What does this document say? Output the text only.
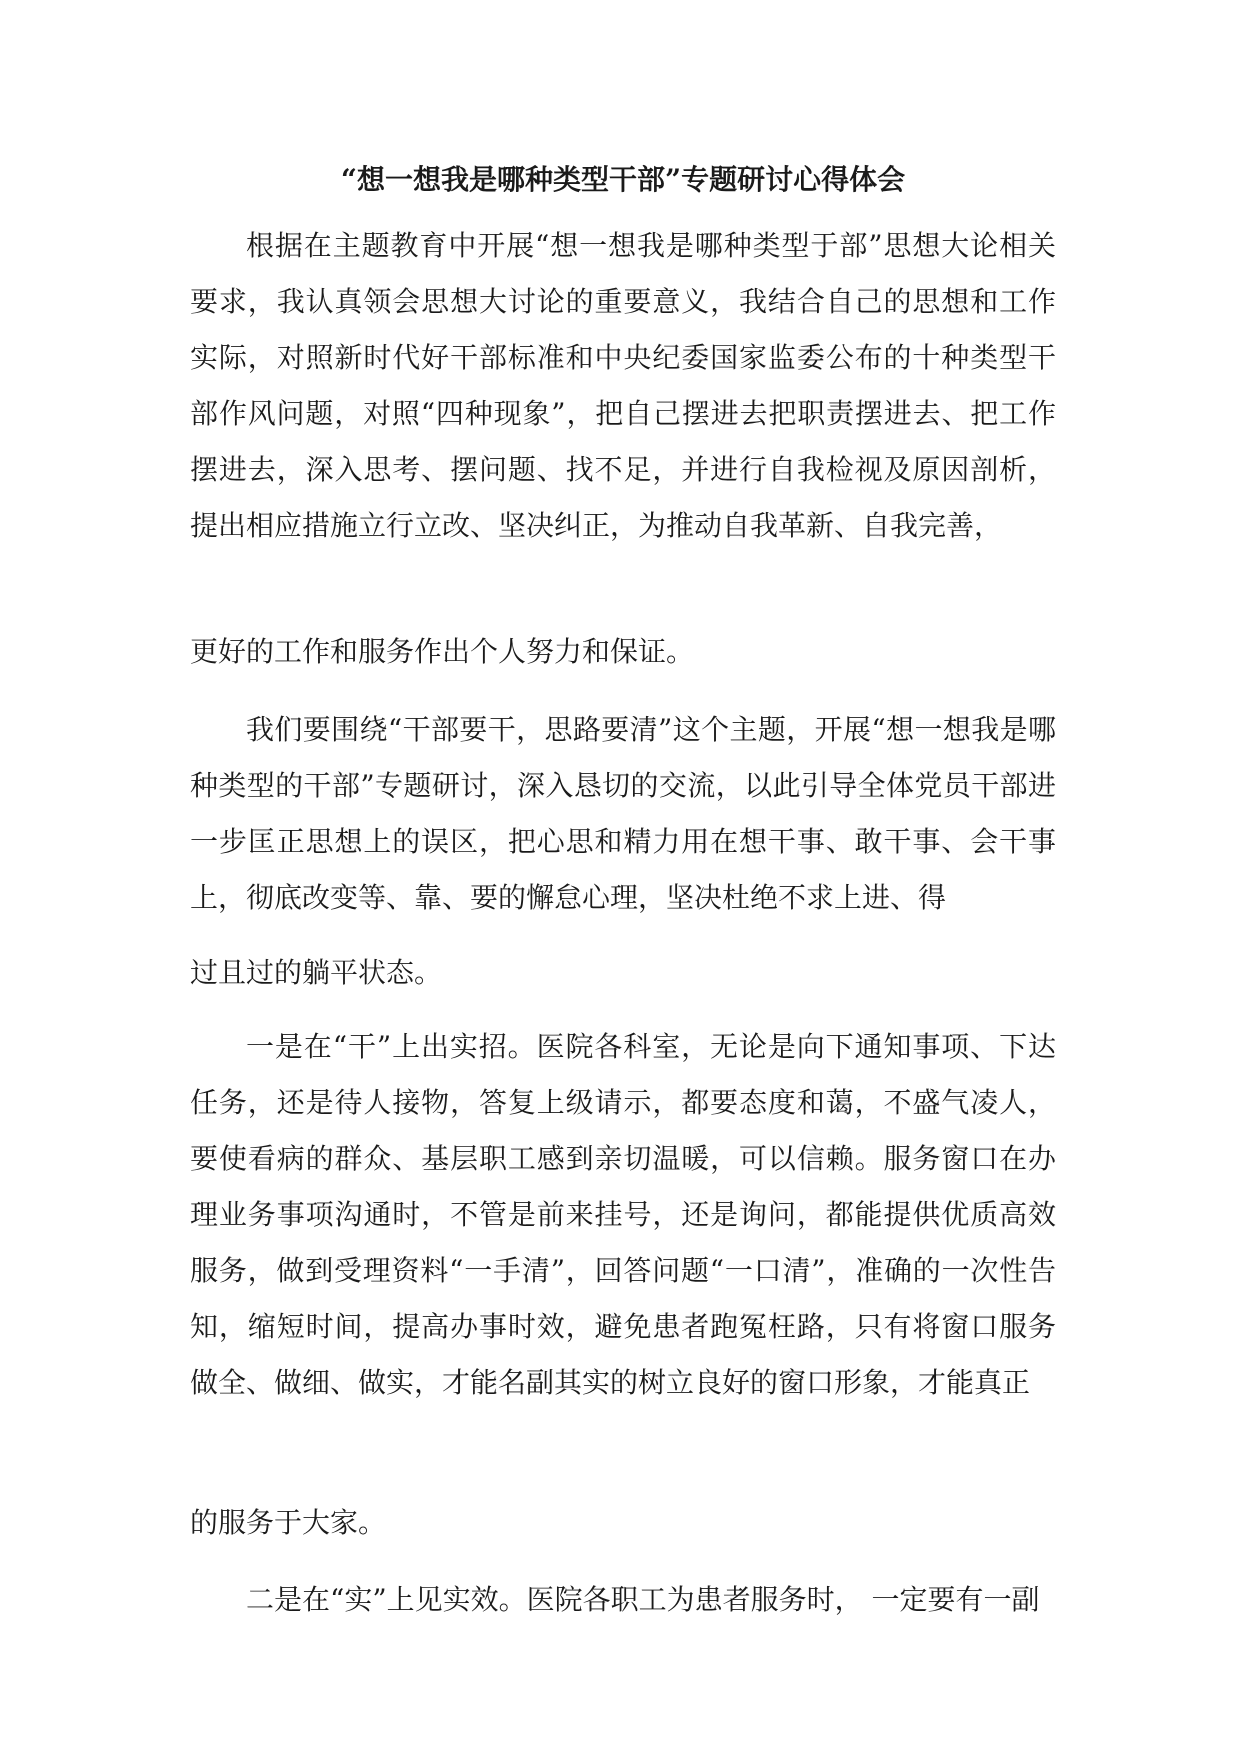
“想一想我是哪种类型干部”专题研讨心得体会

根据在主题教育中开展“想一想我是哪种类型于部”思想大论相关要求，我认真领会思想大讨论的重要意义，我结合自己的思想和工作实际，对照新时代好干部标准和中央纪委国家监委公布的十种类型干部作风问题，对照“四种现象”，把自己摆进去把职责摆进去、把工作摆进去，深入思考、摆问题、找不足，并进行自我检视及原因剖析，提出相应措施立行立改、坚决纠正，为推动自我革新、自我完善，

更好的工作和服务作出个人努力和保证。

我们要围绕“干部要干，思路要清”这个主题，开展“想一想我是哪种类型的干部”专题研讨，深入恳切的交流，以此引导全体党员干部进一步匡正思想上的误区，把心思和精力用在想干事、敢干事、会干事上，彻底改变等、靠、要的懈怠心理，坚决杜绝不求上进、得

过且过的躺平状态。

一是在“干”上出实招。医院各科室，无论是向下通知事项、下达任务，还是待人接物，答复上级请示，都要态度和蔼，不盛气凌人，要使看病的群众、基层职工感到亲切温暖，可以信赖。服务窗口在办理业务事项沟通时，不管是前来挂号，还是询问，都能提供优质高效服务，做到受理资料“一手清”，回答问题“一口清”，准确的一次性告 知，缩短时间，提高办事时效，避免患者跑冤枉路，只有将窗口服务 做全、做细、做实，才能名副其实的树立良好的窗口形象，才能真正

的服务于大家。

二是在“实”上见实效。医院各职工为患者服务时， 一定要有一副
